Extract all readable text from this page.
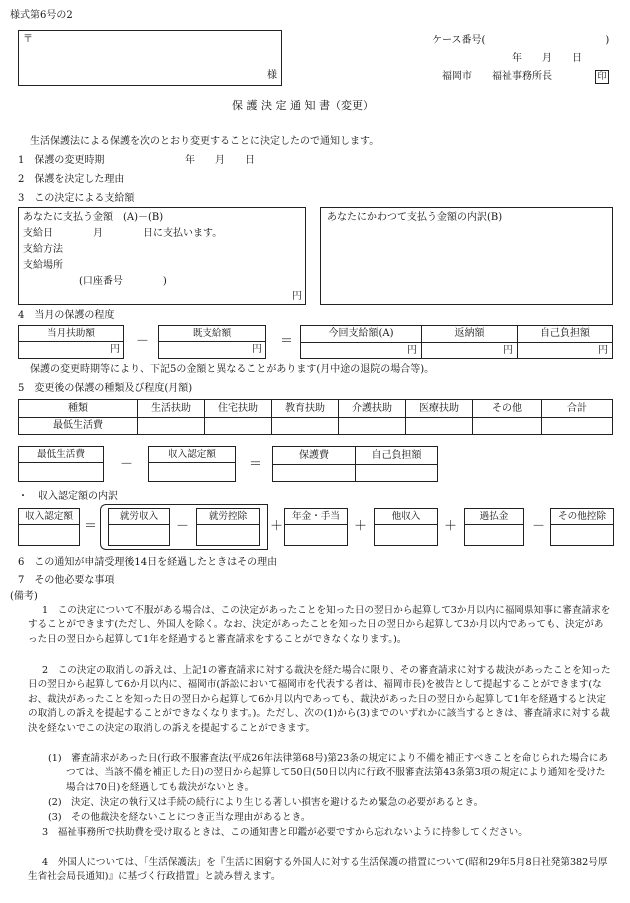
様式第6号の2
〒
様
ケース番号(　　　　　　　　　　　　)
年　　月　　日
福岡市　　福祉事務所長	印
保 護 決 定 通 知 書（変更）
生活保護法による保護を次のとおり変更することに決定したので通知します。
1　保護の変更時期	年　　月　　日
2　保護を決定した理由
3　この決定による支給額
あなたに支払う金額　(A)－(B)
支給日　　　　月　　　　日に支払います。
支給方法
支給場所
(口座番号　　　　)
円
あなたにかわつて支払う金額の内訳(B)
4　当月の保護の程度
当月扶助額
円
－
既支給額
円
＝
今回支給額(A)	返納額	自己負担額
円	円	円
保護の変更時期等により、下記5の金額と異なることがあります(月中途の退院の場合等)。
5　変更後の保護の種類及び程度(月額)
種類	生活扶助	住宅扶助	教育扶助	介護扶助	医療扶助	その他	合計
最低生活費
最低生活費
－
収入認定額
＝
保護費	自己負担額
・　収入認定額の内訳
収入認定額
＝
就労収入
－
就労控除
＋
年金・手当
＋
他収入
＋
過払金
－
その他控除
6　この通知が申請受理後14日を経過したときはその理由
7　その他必要な事項
(備考)
1　この決定について不服がある場合は、この決定があったことを知った日の翌日から起算して3か月以内に福岡県知事に審査請求をすることができます(ただし、外国人を除く。なお、決定があったことを知った日の翌日から起算して3か月以内であっても、決定があった日の翌日から起算して1年を経過すると審査請求をすることができなくなります。)。
2　この決定の取消しの訴えは、上記1の審査請求に対する裁決を経た場合に限り、その審査請求に対する裁決があったことを知った日の翌日から起算して6か月以内に、福岡市(訴訟において福岡市を代表する者は、福岡市長)を被告として提起することができます(なお、裁決があったことを知った日の翌日から起算して6か月以内であっても、裁決があった日の翌日から起算して1年を経過すると決定の取消しの訴えを提起することができなくなります。)。ただし、次の(1)から(3)までのいずれかに該当するときは、審査請求に対する裁決を経ないでこの決定の取消しの訴えを提起することができます。
(1)　審査請求があった日(行政不服審査法(平成26年法律第68号)第23条の規定により不備を補正すべきことを命じられた場合にあつては、当該不備を補正した日)の翌日から起算して50日(50日以内に行政不服審査法第43条第3項の規定により通知を受けた場合は70日)を経過しても裁決がないとき。
(2)　決定、決定の執行又は手続の続行により生じる著しい損害を避けるため緊急の必要があるとき。
(3)　その他裁決を経ないことにつき正当な理由があるとき。
3　福祉事務所で扶助費を受け取るときは、この通知書と印鑑が必要ですから忘れないように持参してください。
4　外国人については、「生活保護法」を『生活に困窮する外国人に対する生活保護の措置について(昭和29年5月8日社発第382号厚生省社会局長通知)』に基づく行政措置」と読み替えます。
